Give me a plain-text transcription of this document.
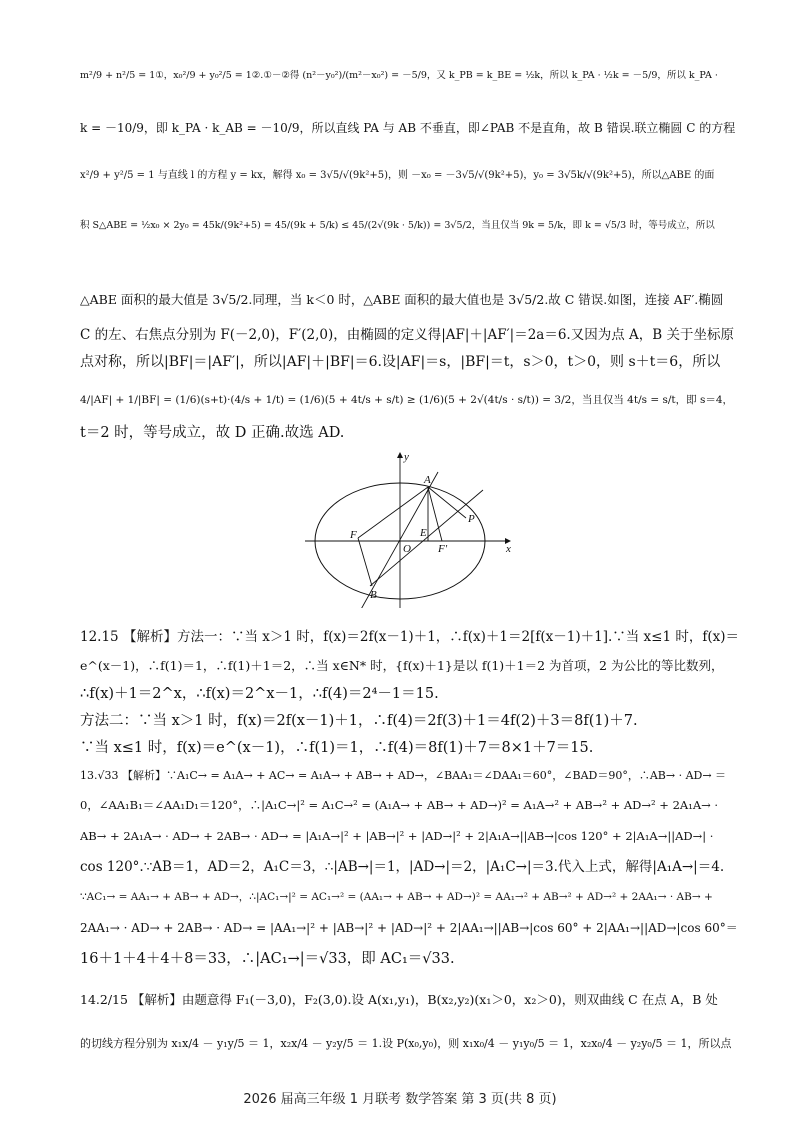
m²/9 + n²/5 = 1①，x₀²/9 + y₀²/5 = 1②.①－②得 (n²－y₀²)/(m²－x₀²) = －5/9，又 k_PB = k_BE = ½k，所以 k_PA · ½k = －5/9，所以 k_PA ·
k = －10/9，即 k_PA · k_AB = －10/9，所以直线 PA 与 AB 不垂直，即∠PAB 不是直角，故 B 错误.联立椭圆 C 的方程
x²/9 + y²/5 = 1 与直线 l 的方程 y = kx，解得 x₀ = 3√5/√(9k²+5)，则 －x₀ = －3√5/√(9k²+5)，y₀ = 3√5k/√(9k²+5)，所以△ABE 的面
积 S△ABE = ½x₀ × 2y₀ = 45k/(9k²+5) = 45/(9k + 5/k) ≤ 45/(2√(9k · 5/k)) = 3√5/2，当且仅当 9k = 5/k，即 k = √5/3 时，等号成立，所以
△ABE 面积的最大值是 3√5/2.同理，当 k＜0 时，△ABE 面积的最大值也是 3√5/2.故 C 错误.如图，连接 AF′.椭圆
C 的左、右焦点分别为 F(－2,0)，F′(2,0)，由椭圆的定义得|AF|＋|AF′|＝2a＝6.又因为点 A，B 关于坐标原
点对称，所以|BF|＝|AF′|，所以|AF|＋|BF|＝6.设|AF|＝s，|BF|＝t，s＞0，t＞0，则 s＋t＝6，所以
4/|AF| + 1/|BF| = (1/6)(s+t)·(4/s + 1/t) = (1/6)(5 + 4t/s + s/t) ≥ (1/6)(5 + 2√(4t/s · s/t)) = 3/2，当且仅当 4t/s = s/t，即 s＝4，
t＝2 时，等号成立，故 D 正确.故选 AD.
y
x
A
P
E
F
O F'
B
12.15 【解析】方法一：∵当 x＞1 时，f(x)＝2f(x－1)＋1，∴f(x)＋1＝2[f(x－1)＋1].∵当 x≤1 时，f(x)＝
e^(x－1)，∴f(1)＝1，∴f(1)＋1＝2，∴当 x∈N* 时，{f(x)＋1}是以 f(1)＋1＝2 为首项，2 为公比的等比数列，
∴f(x)＋1＝2^x，∴f(x)＝2^x－1，∴f(4)＝2⁴－1＝15.
方法二：∵当 x＞1 时，f(x)＝2f(x－1)＋1，∴f(4)＝2f(3)＋1＝4f(2)＋3＝8f(1)＋7.
∵当 x≤1 时，f(x)＝e^(x－1)，∴f(1)＝1，∴f(4)＝8f(1)＋7＝8×1＋7＝15.
13.√33 【解析】∵A₁C→ = A₁A→ + AC→ = A₁A→ + AB→ + AD→，∠BAA₁＝∠DAA₁＝60°，∠BAD＝90°，∴AB→ · AD→ ＝
0，∠AA₁B₁＝∠AA₁D₁＝120°，∴|A₁C→|² = A₁C→² = (A₁A→ + AB→ + AD→)² = A₁A→² + AB→² + AD→² + 2A₁A→ ·
AB→ + 2A₁A→ · AD→ + 2AB→ · AD→ = |A₁A→|² + |AB→|² + |AD→|² + 2|A₁A→||AB→|cos 120° + 2|A₁A→||AD→| ·
cos 120°.∵AB＝1，AD＝2，A₁C＝3，∴|AB→|＝1，|AD→|＝2，|A₁C→|＝3.代入上式，解得|A₁A→|＝4.
∵AC₁→ = AA₁→ + AB→ + AD→，∴|AC₁→|² = AC₁→² = (AA₁→ + AB→ + AD→)² = AA₁→² + AB→² + AD→² + 2AA₁→ · AB→ +
2AA₁→ · AD→ + 2AB→ · AD→ = |AA₁→|² + |AB→|² + |AD→|² + 2|AA₁→||AB→|cos 60° + 2|AA₁→||AD→|cos 60°＝
16＋1＋4＋4＋8＝33，∴|AC₁→|＝√33，即 AC₁＝√33.
14.2/15 【解析】由题意得 F₁(－3,0)，F₂(3,0).设 A(x₁,y₁)，B(x₂,y₂)(x₁＞0，x₂＞0)，则双曲线 C 在点 A，B 处
的切线方程分别为 x₁x/4 － y₁y/5 ＝ 1，x₂x/4 － y₂y/5 ＝ 1.设 P(x₀,y₀)，则 x₁x₀/4 － y₁y₀/5 ＝ 1，x₂x₀/4 － y₂y₀/5 ＝ 1，所以点
2026 届高三年级 1 月联考 数学答案 第 3 页(共 8 页)
